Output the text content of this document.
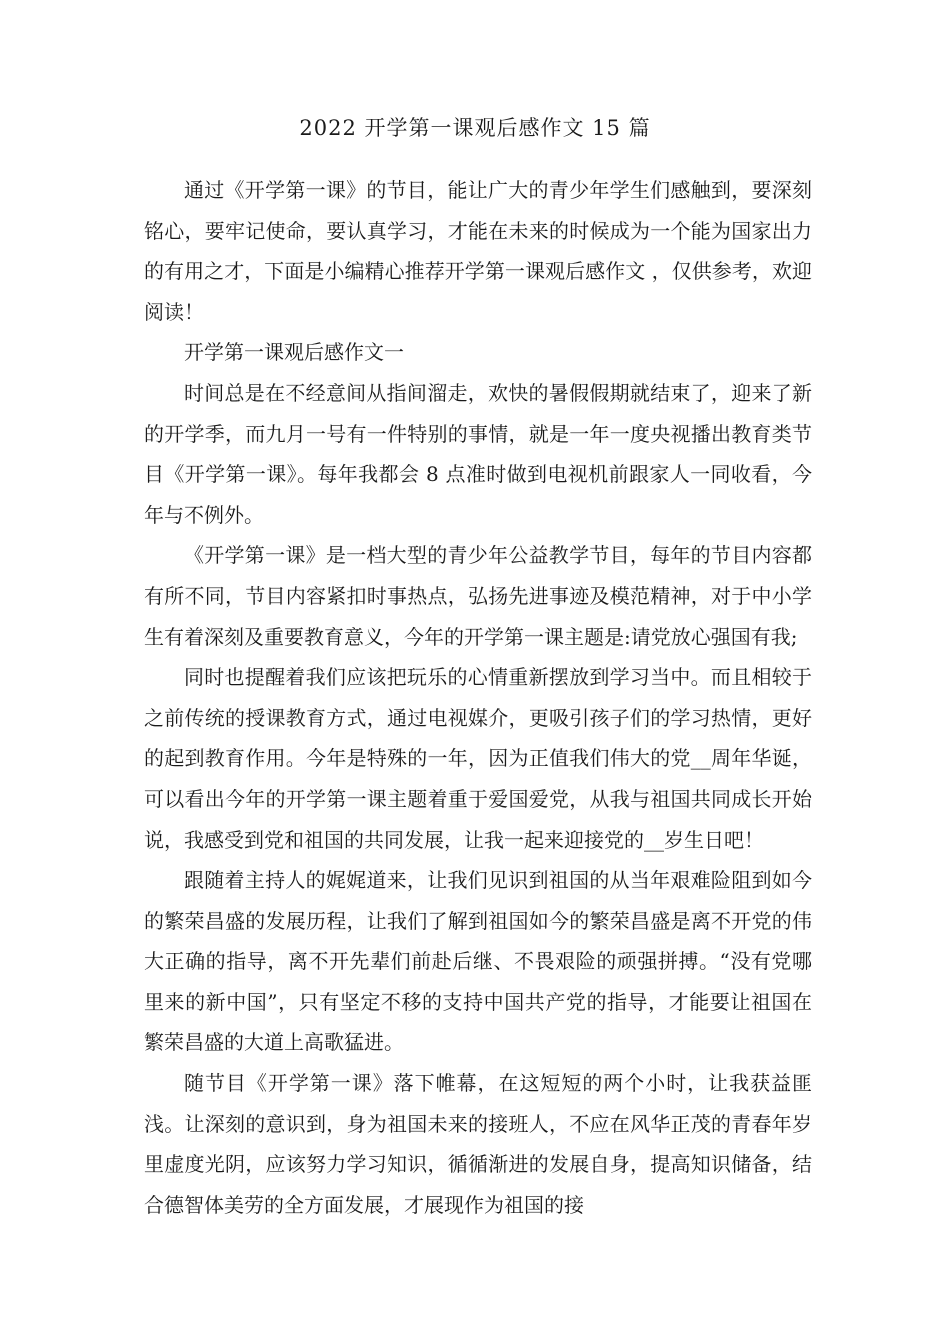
2022 开学第一课观后感作文 15 篇

通过《开学第一课》的节目，能让广大的青少年学生们感触到，要深刻铭心，要牢记使命，要认真学习，才能在未来的时候成为一个能为国家出力的有用之才，下面是小编精心推荐开学第一课观后感作文 ，仅供参考，欢迎阅读！

开学第一课观后感作文一

时间总是在不经意间从指间溜走，欢快的暑假假期就结束了，迎来了新的开学季，而九月一号有一件特别的事情，就是一年一度央视播出教育类节目《开学第一课》。每年我都会 8 点准时做到电视机前跟家人一同收看，今年与不例外。

《开学第一课》是一档大型的青少年公益教学节目，每年的节目内容都有所不同，节目内容紧扣时事热点，弘扬先进事迹及模范精神，对于中小学生有着深刻及重要教育意义，今年的开学第一课主题是:请党放心强国有我;

同时也提醒着我们应该把玩乐的心情重新摆放到学习当中。而且相较于之前传统的授课教育方式，通过电视媒介，更吸引孩子们的学习热情，更好的起到教育作用。今年是特殊的一年，因为正值我们伟大的党__周年华诞，可以看出今年的开学第一课主题着重于爱国爱党，从我与祖国共同成长开始说，我感受到党和祖国的共同发展，让我一起来迎接党的__岁生日吧！

跟随着主持人的娓娓道来，让我们见识到祖国的从当年艰难险阻到如今的繁荣昌盛的发展历程，让我们了解到祖国如今的繁荣昌盛是离不开党的伟大正确的指导，离不开先辈们前赴后继、不畏艰险的顽强拼搏。“没有党哪里来的新中国”，只有坚定不移的支持中国共产党的指导，才能要让祖国在繁荣昌盛的大道上高歌猛进。

随节目《开学第一课》落下帷幕，在这短短的两个小时，让我获益匪浅。让深刻的意识到，身为祖国未来的接班人，不应在风华正茂的青春年岁里虚度光阴，应该努力学习知识，循循渐进的发展自身，提高知识储备，结合德智体美劳的全方面发展，才展现作为祖国的接
